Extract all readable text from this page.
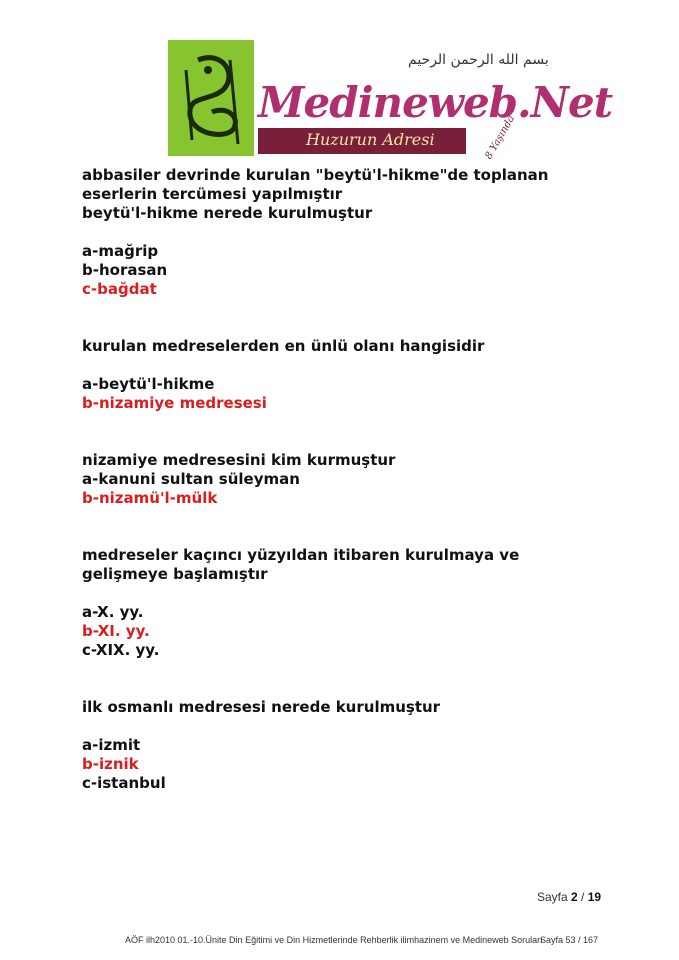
بسم الله الرحمن الرحيم
Medineweb.Net
Huzurun Adresi	8 Yaşında

abbasiler devrinde kurulan "beytü'l-hikme"de toplanan

eserlerin tercümesi yapılmıştır

beytü'l-hikme nerede kurulmuştur

a-mağrip

b-horasan

c-bağdat

kurulan medreselerden en ünlü olanı hangisidir

a-beytü'l-hikme

b-nizamiye medresesi

nizamiye medresesini kim kurmuştur

a-kanuni sultan süleyman

b-nizamü'l-mülk

medreseler kaçıncı yüzyıldan itibaren kurulmaya ve

gelişmeye başlamıştır

a-X. yy.

b-XI. yy.

c-XIX. yy.

ilk osmanlı medresesi nerede kurulmuştur

a-izmit

b-iznik

c-istanbul

Sayfa 2 / 19
AÖF ilh2010 01.-10.Ünite Din Eğitimi ve Din Hizmetlerinde Rehberlik ilimhazinem ve Medineweb Soruları
Sayfa 53 / 167
